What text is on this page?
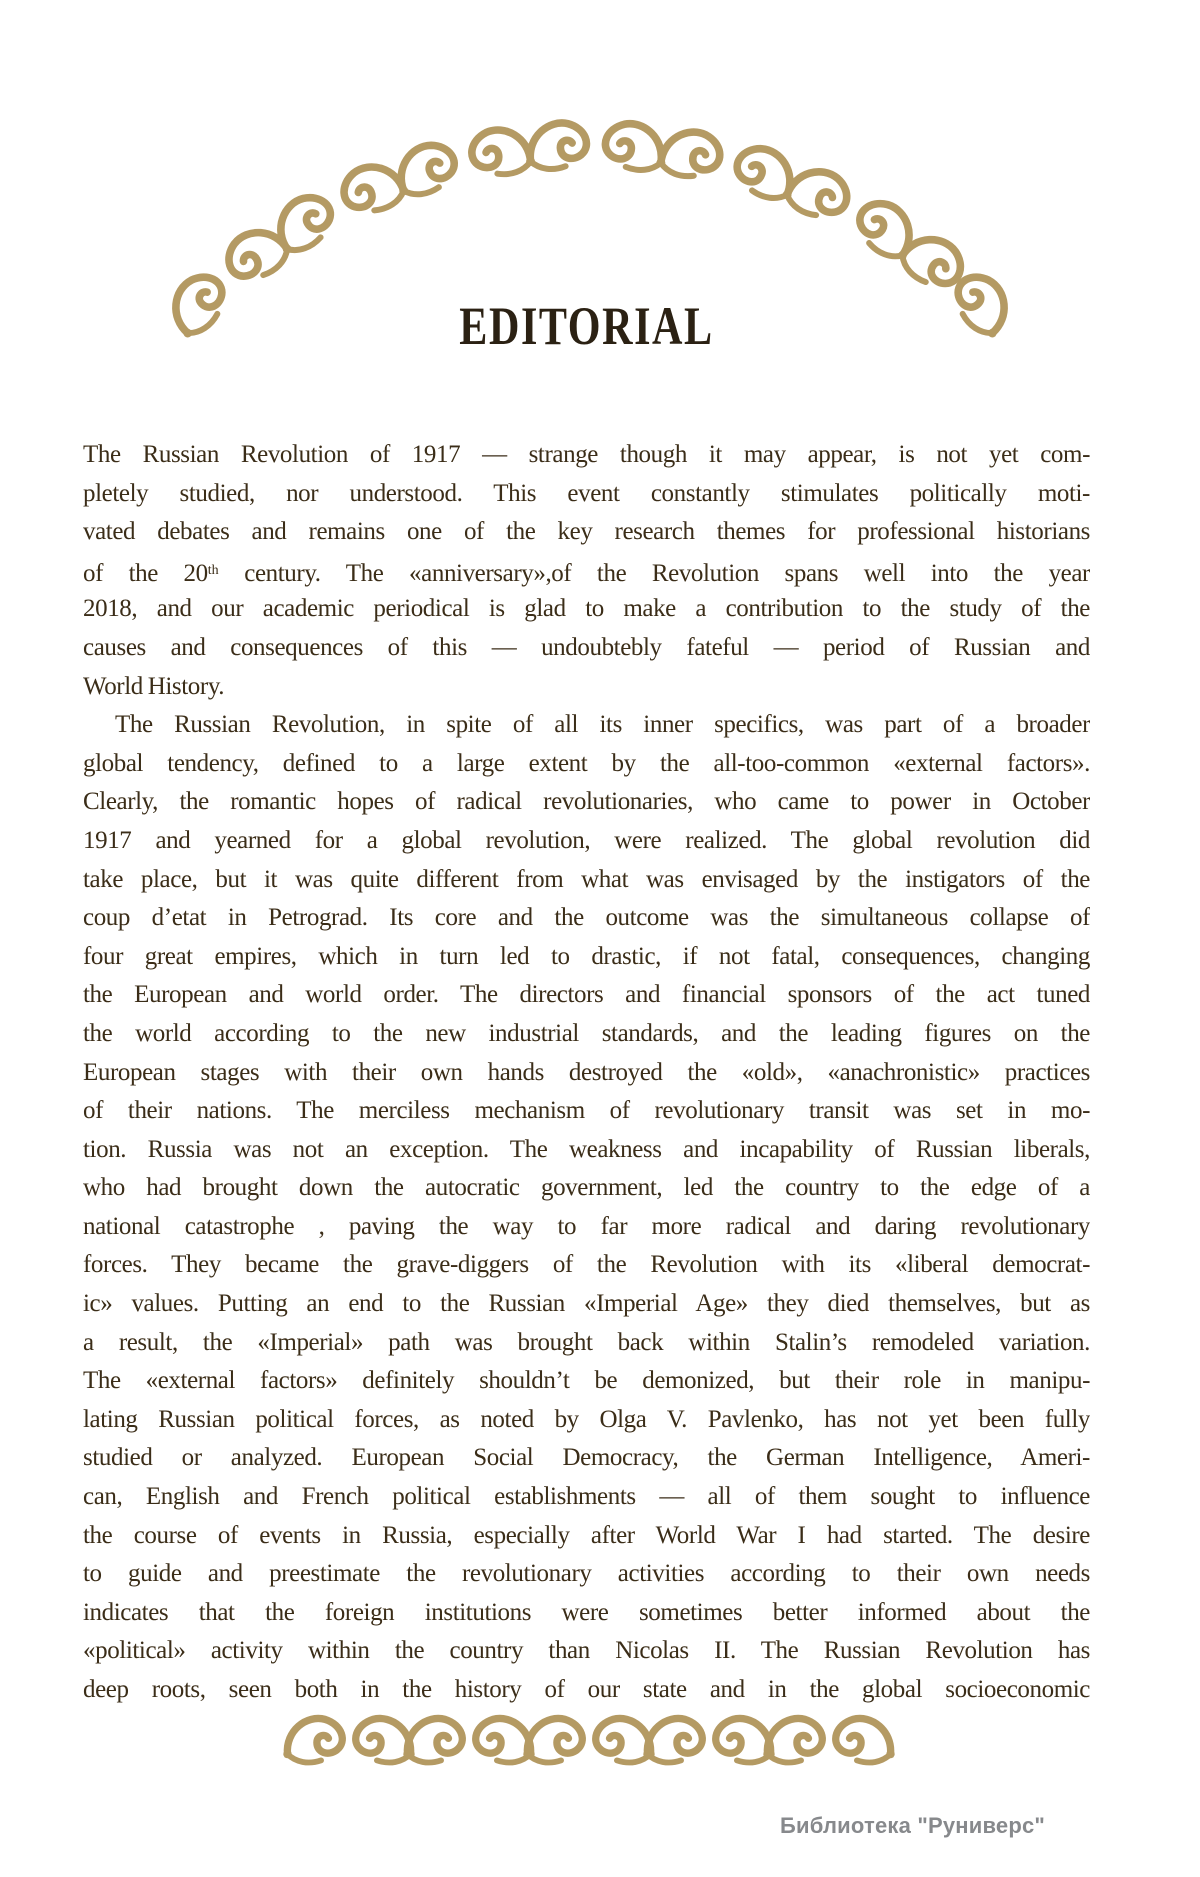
EDITORIAL
The Russian Revolution of 1917 — strange though it may appear, is not yet com-
pletely studied, nor understood. This event constantly stimulates politically moti-
vated debates and remains one of the key research themes for professional historians
of the 20th century. The «anniversary»,of the Revolution spans well into the year
2018, and our academic periodical is glad to make a contribution to the study of the
causes and consequences of this — undoubtebly fateful — period of Russian and
World History.
The Russian Revolution, in spite of all its inner specifics, was part of a broader
global tendency, defined to a large extent by the all-too-common «external factors».
Clearly, the romantic hopes of radical revolutionaries, who came to power in October
1917 and yearned for a global revolution, were realized. The global revolution did
take place, but it was quite different from what was envisaged by the instigators of the
coup d’etat in Petrograd. Its core and the outcome was the simultaneous collapse of
four great empires, which in turn led to drastic, if not fatal, consequences, changing
the European and world order. The directors and financial sponsors of the act tuned
the world according to the new industrial standards, and the leading figures on the
European stages with their own hands destroyed the «old», «anachronistic» practices
of their nations. The merciless mechanism of revolutionary transit was set in mo-
tion. Russia was not an exception. The weakness and incapability of Russian liberals,
who had brought down the autocratic government, led the country to the edge of a
national catastrophe , paving the way to far more radical and daring revolutionary
forces. They became the grave-diggers of the Revolution with its «liberal democrat-
ic» values. Putting an end to the Russian «Imperial Age» they died themselves, but as
a result, the «Imperial» path was brought back within Stalin’s remodeled variation.
The «external factors» definitely shouldn’t be demonized, but their role in manipu-
lating Russian political forces, as noted by Olga V. Pavlenko, has not yet been fully
studied or analyzed. European Social Democracy, the German Intelligence, Ameri-
can, English and French political establishments — all of them sought to influence
the course of events in Russia, especially after World War I had started. The desire
to guide and preestimate the revolutionary activities according to their own needs
indicates that the foreign institutions were sometimes better informed about the
«political» activity within the country than Nicolas II. The Russian Revolution has
deep roots, seen both in the history of our state and in the global socioeconomic
Библиотека "Руниверс"
